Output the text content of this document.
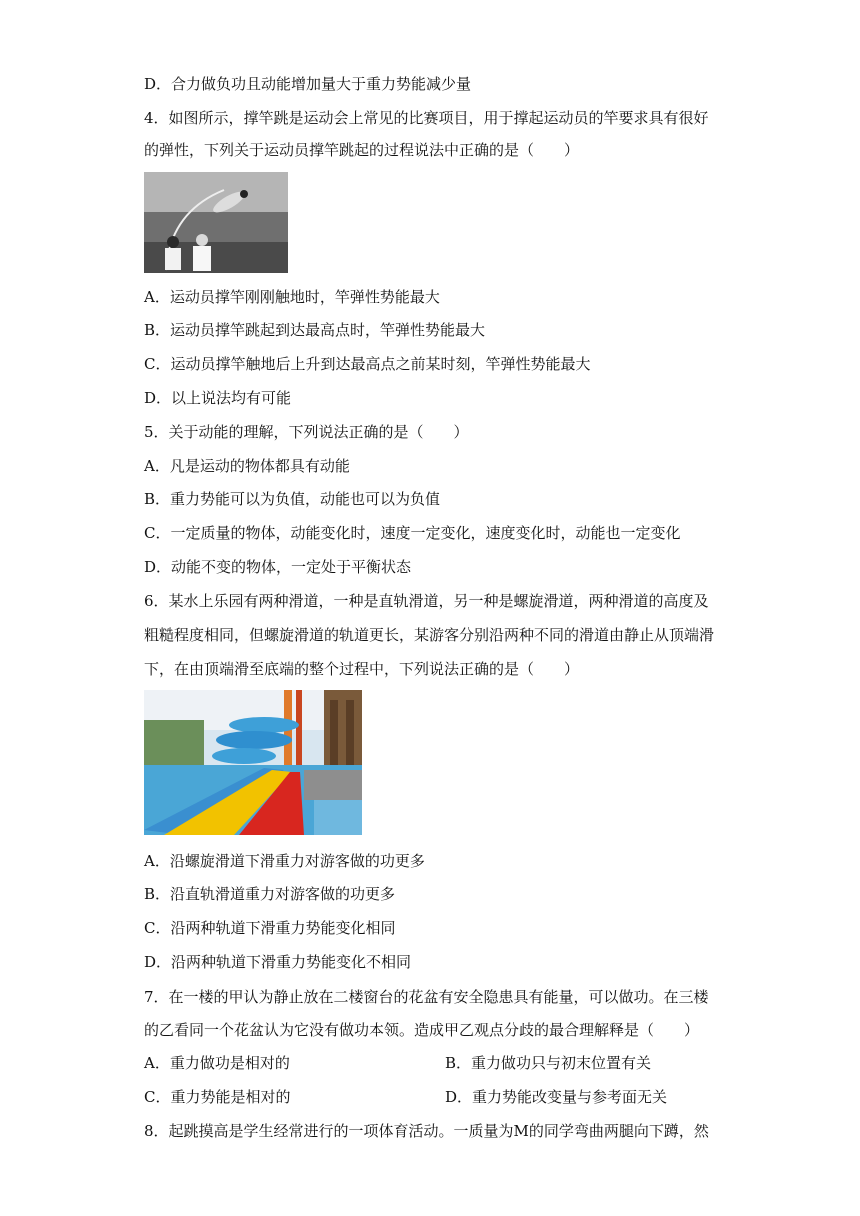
D．合力做负功且动能增加量大于重力势能减少量
4．如图所示，撑竿跳是运动会上常见的比赛项目，用于撑起运动员的竿要求具有很好
的弹性，下列关于运动员撑竿跳起的过程说法中正确的是（　　）
A．运动员撑竿刚刚触地时，竿弹性势能最大
B．运动员撑竿跳起到达最高点时，竿弹性势能最大
C．运动员撑竿触地后上升到达最高点之前某时刻，竿弹性势能最大
D．以上说法均有可能
5．关于动能的理解，下列说法正确的是（　　）
A．凡是运动的物体都具有动能
B．重力势能可以为负值，动能也可以为负值
C．一定质量的物体，动能变化时，速度一定变化，速度变化时，动能也一定变化
D．动能不变的物体，一定处于平衡状态
6．某水上乐园有两种滑道，一种是直轨滑道，另一种是螺旋滑道，两种滑道的高度及
粗糙程度相同，但螺旋滑道的轨道更长，某游客分别沿两种不同的滑道由静止从顶端滑
下，在由顶端滑至底端的整个过程中，下列说法正确的是（　　）
A．沿螺旋滑道下滑重力对游客做的功更多
B．沿直轨滑道重力对游客做的功更多
C．沿两种轨道下滑重力势能变化相同
D．沿两种轨道下滑重力势能变化不相同
7．在一楼的甲认为静止放在二楼窗台的花盆有安全隐患具有能量，可以做功。在三楼
的乙看同一个花盆认为它没有做功本领。造成甲乙观点分歧的最合理解释是（　　）
A．重力做功是相对的	B．重力做功只与初末位置有关
C．重力势能是相对的	D．重力势能改变量与参考面无关
8．起跳摸高是学生经常进行的一项体育活动。一质量为M的同学弯曲两腿向下蹲，然
